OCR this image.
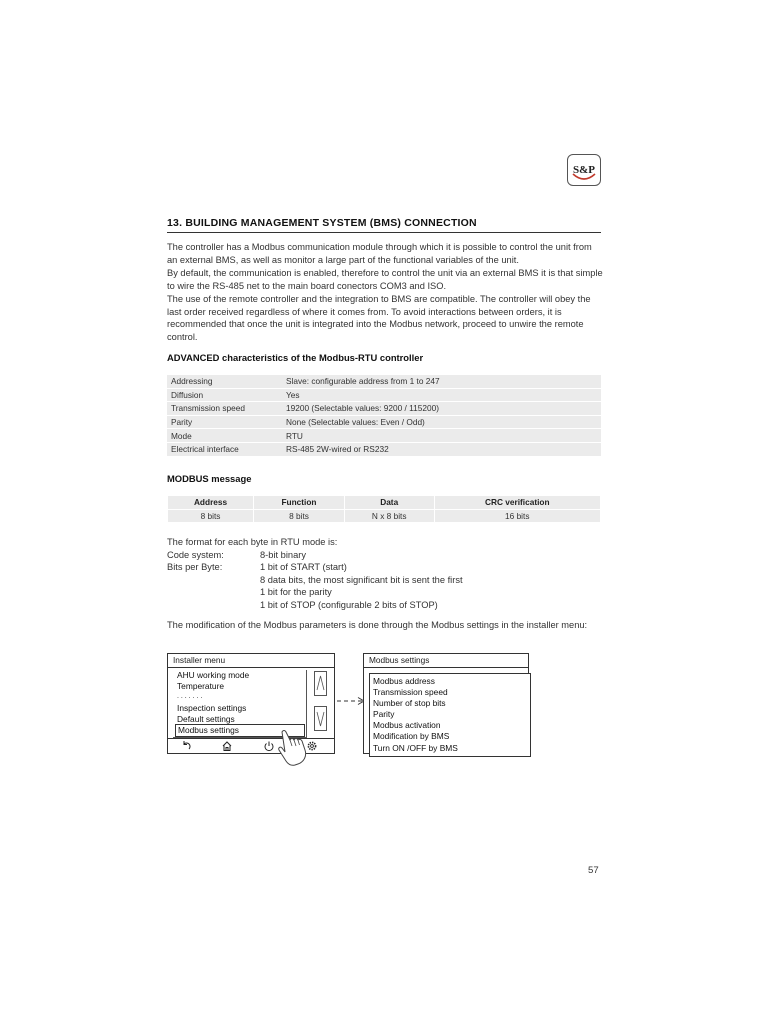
S&P
13. BUILDING MANAGEMENT SYSTEM (BMS) CONNECTION

The controller has a Modbus communication module through which it is possible to control the unit from an external BMS, as well as monitor a large part of the functional variables of the unit.

By default, the communication is enabled, therefore to control the unit via an external BMS it is that simple to wire the RS-485 net to the main board conectors COM3 and ISO.

The use of the remote controller and the integration to BMS are compatible. The controller will obey the last order received regardless of where it comes from. To avoid interactions between orders, it is recommended that once the unit is integrated into the Modbus network, proceed to unwire the remote control.

ADVANCED characteristics of the Modbus-RTU controller
Addressing	Slave: configurable address from 1 to 247
Diffusion	Yes
Transmission speed	19200 (Selectable values: 9200 / 115200)
Parity	None (Selectable values: Even / Odd)
Mode	RTU
Electrical interface	RS-485 2W-wired or RS232
MODBUS message
Address	Function	Data	CRC verification
8 bits	8 bits	N x 8 bits	16 bits
The format for each byte in RTU mode is:
Code system:	8-bit binary
Bits per Byte:	1 bit of START (start)
8 data bits, the most significant bit is sent the first
1 bit for the parity
1 bit of STOP (configurable 2 bits of STOP)
The modification of the Modbus parameters is done through the Modbus settings in the installer menu:
Installer menu
AHU working mode
Temperature
. . . . . . .
Inspection settings
Default settings
Modbus settings
Modbus settings
Modbus address
Transmission speed
Number of stop bits
Parity
Modbus activation
Modification by BMS
Turn ON /OFF by BMS
57
